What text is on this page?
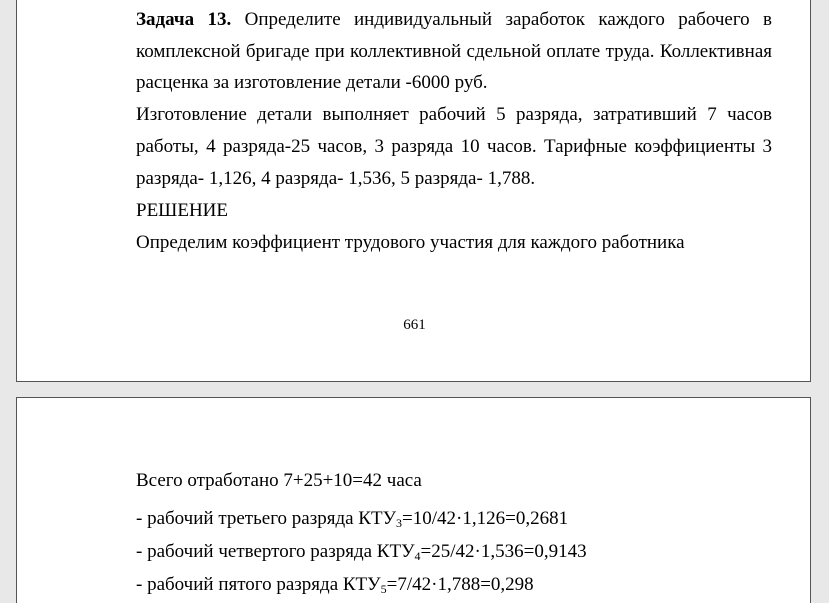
Задача 13. Определите индивидуальный заработок каждого рабочего в
комплексной бригаде при коллективной сдельной оплате труда. Коллективная
расценка за изготовление детали -6000 руб.
Изготовление детали выполняет рабочий 5 разряда, затративший 7 часов
работы, 4 разряда-25 часов, 3 разряда 10 часов. Тарифные коэффициенты 3
разряда- 1,126, 4 разряда- 1,536, 5 разряда- 1,788.
РЕШЕНИЕ
Определим коэффициент трудового участия для каждого работника
661
Всего отработано 7+25+10=42 часа
- рабочий третьего разряда $КТУ_3=10/42\cdot 1,126=0,2681$
- рабочий четвертого разряда $КТУ_4=25/42\cdot 1,536=0,9143$
- рабочий пятого разряда $КТУ_5=7/42\cdot 1,788=0,298$
